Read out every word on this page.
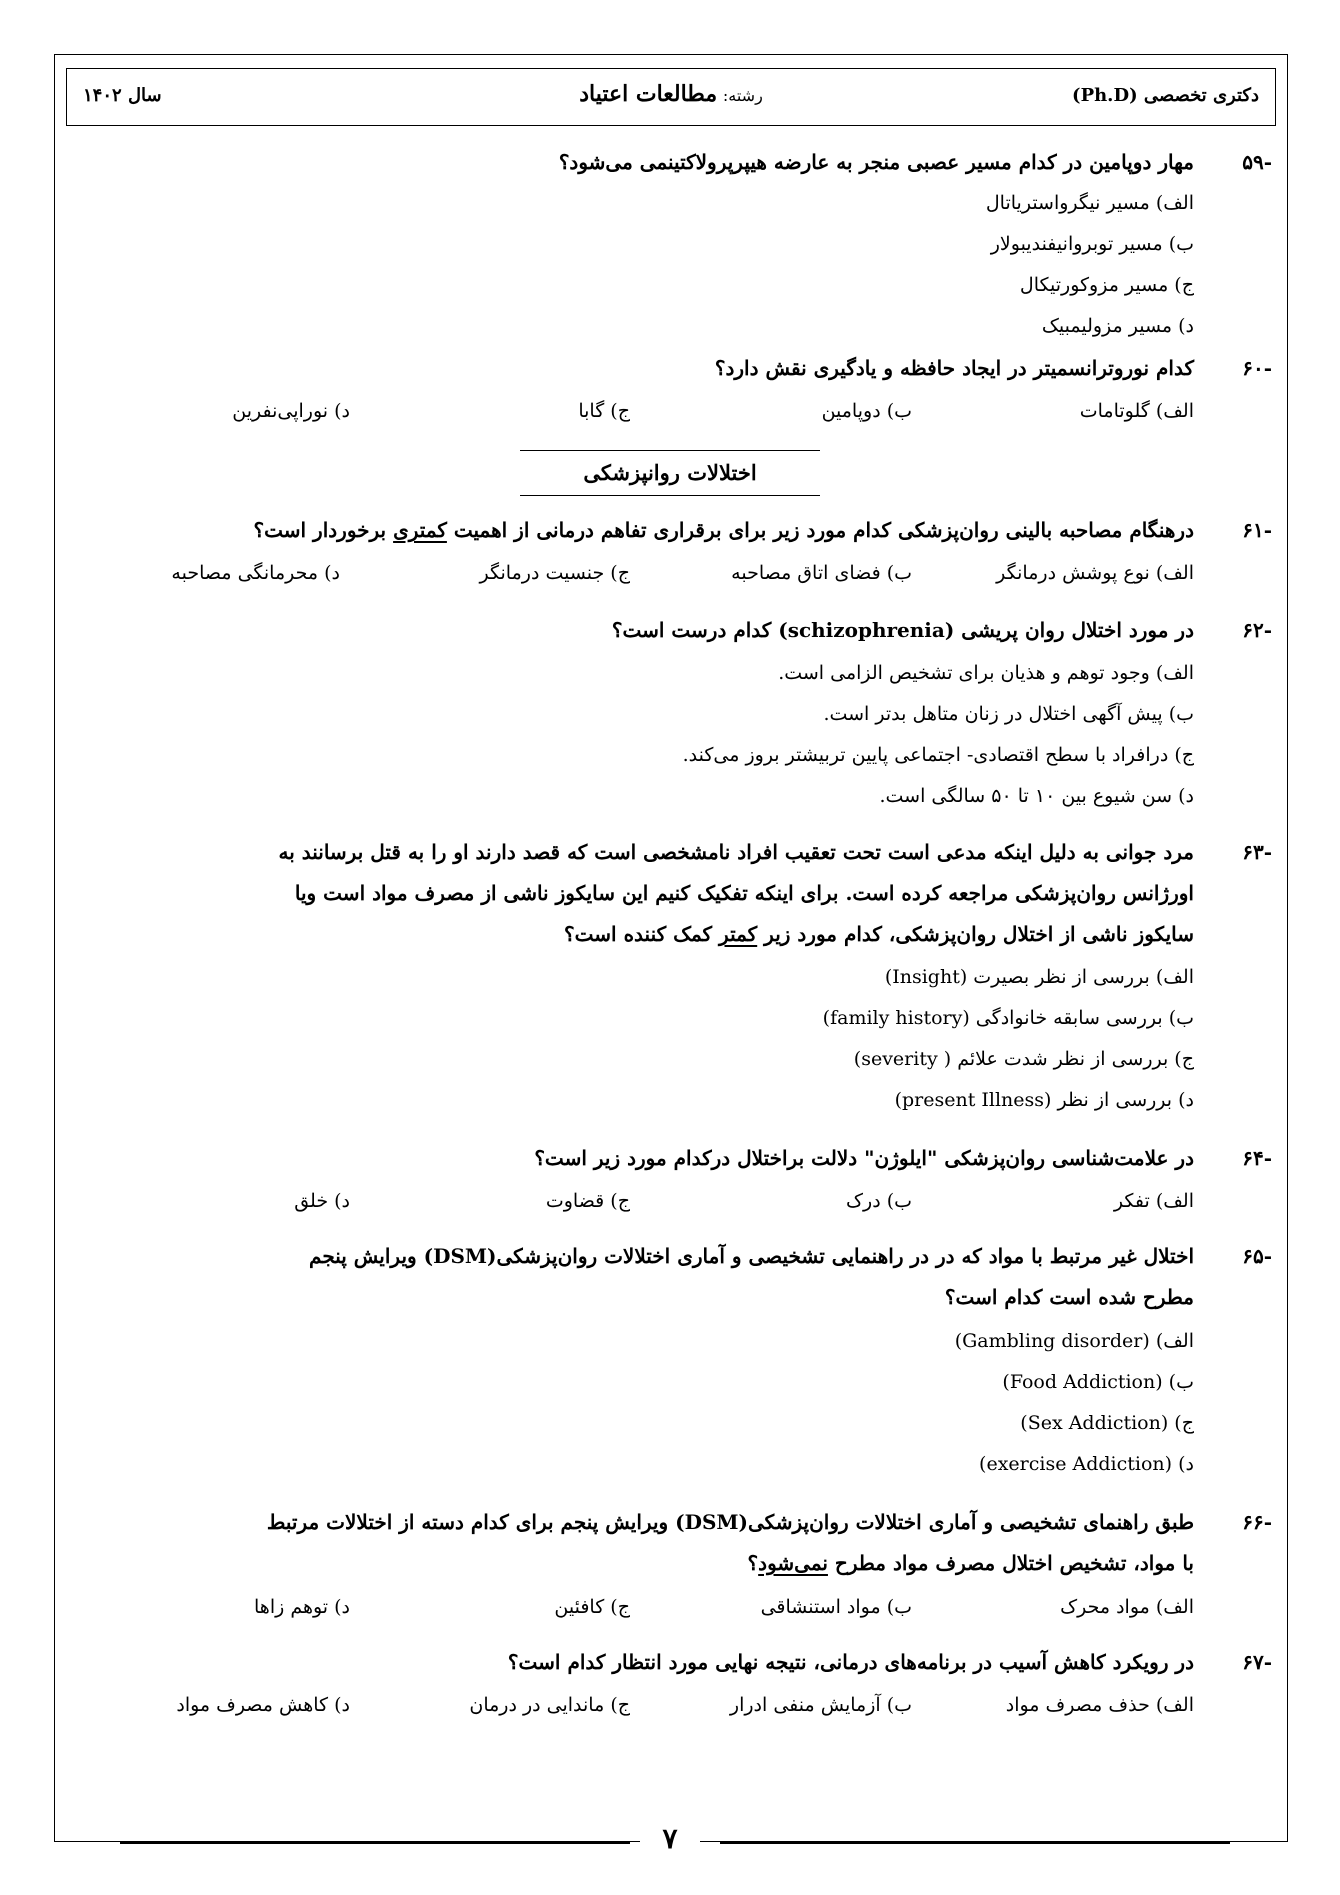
دکتری تخصصی (Ph.D)
رشته: مطالعات اعتیاد
سال ۱۴۰۲
-۵۹
مهار دوپامین در کدام مسیر عصبی منجر به عارضه هیپرپرولاکتینمی می‌شود؟
الف) مسیر نیگرواستریاتال
ب) مسیر توبروانیفندیبولار
ج) مسیر مزوکورتیکال
د) مسیر مزولیمبیک
-۶۰
کدام نوروترانسمیتر در ایجاد حافظه و یادگیری نقش دارد؟
الف) گلوتامات
ب) دوپامین
ج) گابا
د) نوراپی‌نفرین
اختلالات روانپزشکی
-۶۱
درهنگام مصاحبه بالینی روان‌پزشکی کدام مورد زیر برای برقراری تفاهم درمانی از اهمیت کمتری برخوردار است؟
الف) نوع پوشش درمانگر
ب) فضای اتاق مصاحبه
ج) جنسیت درمانگر
د) محرمانگی مصاحبه
-۶۲
در مورد اختلال روان پریشی (schizophrenia) کدام درست است؟
الف) وجود توهم و هذیان برای تشخیص الزامی است.
ب) پیش آگهی اختلال در زنان متاهل بدتر است.
ج) درافراد با سطح اقتصادی- اجتماعی پایین تربیشتر بروز می‌کند.
د) سن شیوع بین ۱۰ تا ۵۰ سالگی است.
-۶۳
مرد جوانی به دلیل اینکه مدعی است تحت تعقیب افراد نامشخصی است که قصد دارند او را به قتل برسانند به
اورژانس روان‌پزشکی مراجعه کرده است. برای اینکه تفکیک کنیم این سایکوز ناشی از مصرف مواد است ویا
سایکوز ناشی از اختلال روان‌پزشکی، کدام مورد زیر کمتر کمک کننده است؟
الف) بررسی از نظر بصیرت (Insight)
ب) بررسی سابقه خانوادگی (family history)
ج) بررسی از نظر شدت علائم ( severity)
د) بررسی از نظر (present Illness)
-۶۴
در علامت‌شناسی روان‌پزشکی "ایلوژن" دلالت براختلال درکدام مورد زیر است؟
الف) تفکر
ب) درک
ج) قضاوت
د) خلق
-۶۵
اختلال غیر مرتبط با مواد که در در راهنمایی تشخیصی و آماری اختلالات روان‌پزشکی(DSM) ویرایش پنجم
مطرح شده است کدام است؟
الف) (Gambling disorder)
ب) (Food Addiction)
ج) (Sex Addiction)
د) (exercise Addiction)
-۶۶
طبق راهنمای تشخیصی و آماری اختلالات روان‌پزشکی(DSM) ویرایش پنجم برای کدام دسته از اختلالات مرتبط
با مواد، تشخیص اختلال مصرف مواد مطرح نمی‌شود؟
الف) مواد محرک
ب) مواد استنشاقی
ج) کافئین
د) توهم زاها
-۶۷
در رویکرد کاهش آسیب در برنامه‌های درمانی، نتیجه نهایی مورد انتظار کدام است؟
الف) حذف مصرف مواد
ب) آزمایش منفی ادرار
ج) ماندایی در درمان
د) کاهش مصرف مواد
۷
